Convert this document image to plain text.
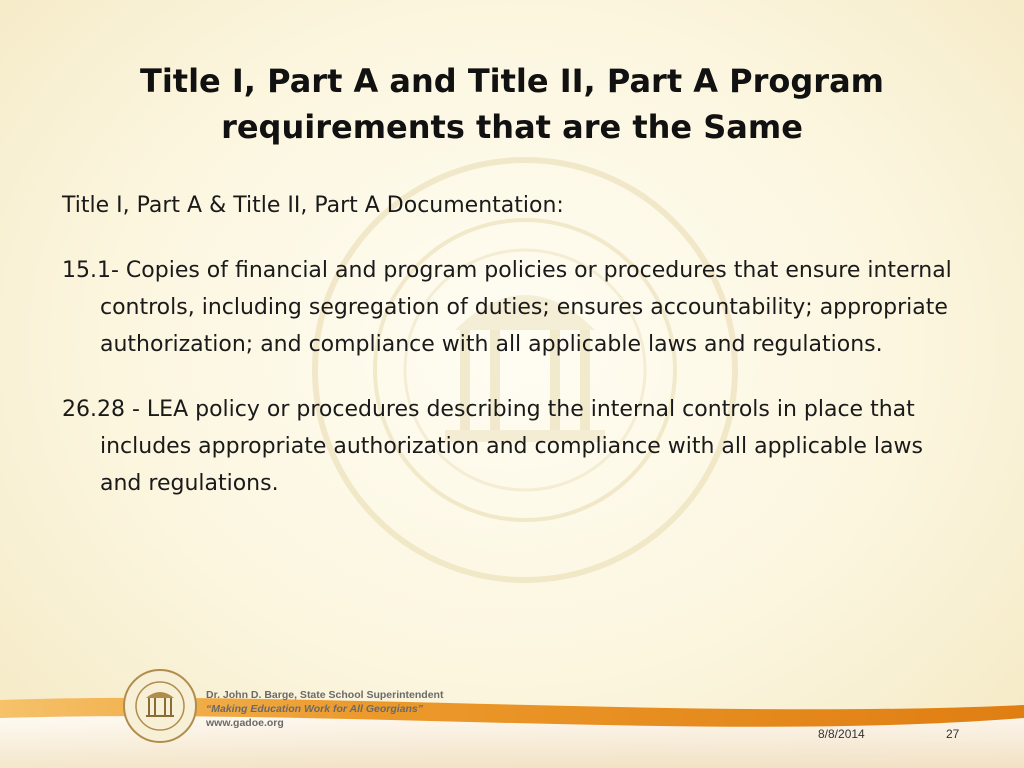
Title I, Part A and Title II, Part A Program
requirements that are the Same

Title I, Part A & Title II, Part A Documentation:

15.1- Copies of financial and program policies or procedures that ensure internal controls, including segregation of duties; ensures accountability; appropriate authorization; and compliance with all applicable laws and regulations.

26.28 - LEA policy or procedures describing the internal controls in place that includes appropriate authorization and compliance with all applicable laws and regulations.

Dr. John D. Barge, State School Superintendent
“Making Education Work for All Georgians”
www.gadoe.org
8/8/2014	27
